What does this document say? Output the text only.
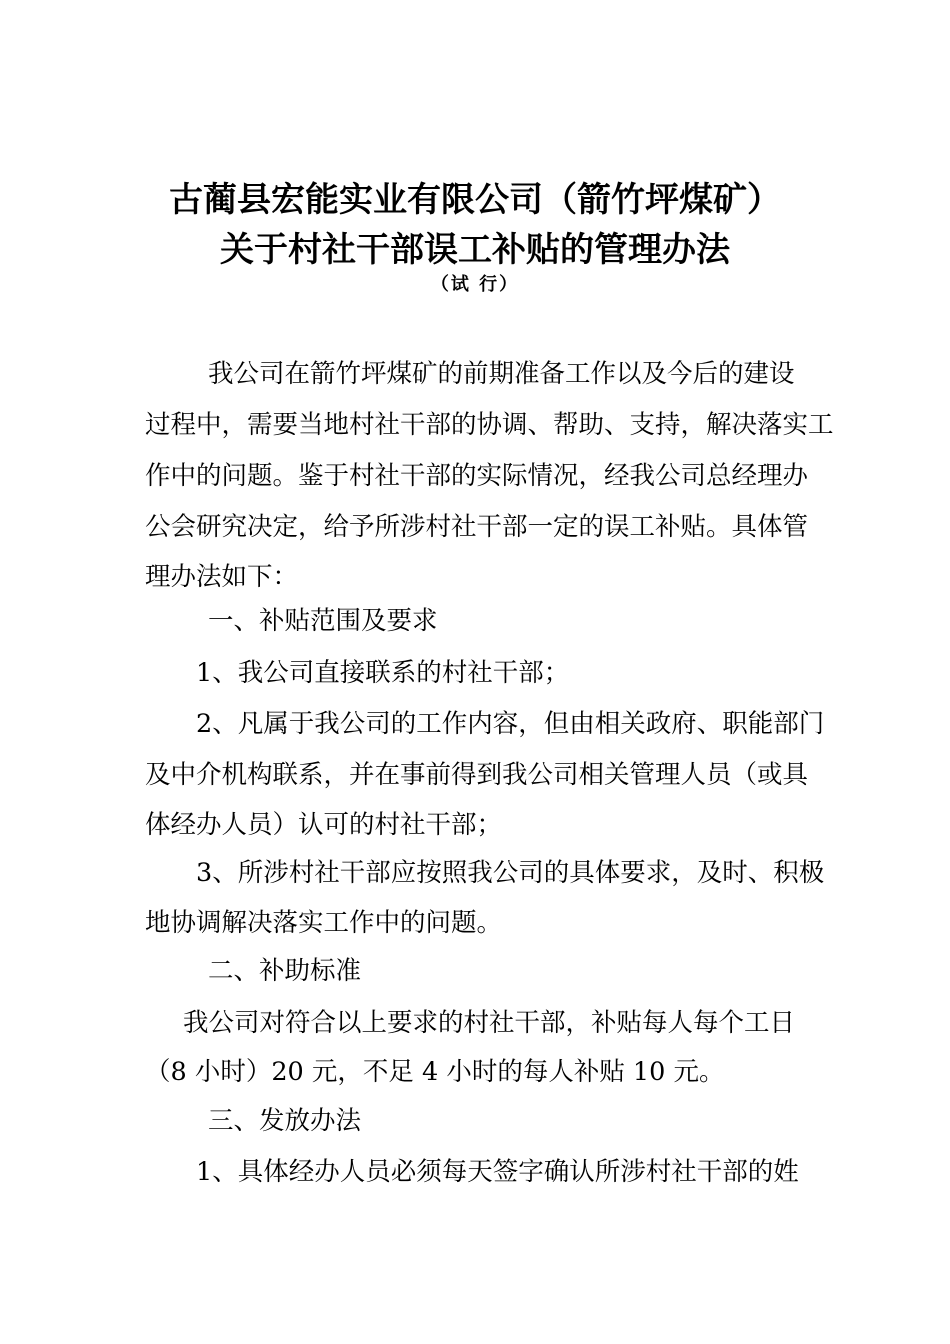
古蔺县宏能实业有限公司（箭竹坪煤矿）
关于村社干部误工补贴的管理办法
（试 行）
我公司在箭竹坪煤矿的前期准备工作以及今后的建设
过程中，需要当地村社干部的协调、帮助、支持，解决落实工
作中的问题。鉴于村社干部的实际情况，经我公司总经理办
公会研究决定，给予所涉村社干部一定的误工补贴。具体管
理办法如下：
一、补贴范围及要求
1、我公司直接联系的村社干部；
2、凡属于我公司的工作内容，但由相关政府、职能部门
及中介机构联系，并在事前得到我公司相关管理人员（或具
体经办人员）认可的村社干部；
3、所涉村社干部应按照我公司的具体要求，及时、积极
地协调解决落实工作中的问题。
二、补助标准
我公司对符合以上要求的村社干部，补贴每人每个工日
（8 小时）20 元，不足 4 小时的每人补贴 10 元。
三、发放办法
1、具体经办人员必须每天签字确认所涉村社干部的姓
